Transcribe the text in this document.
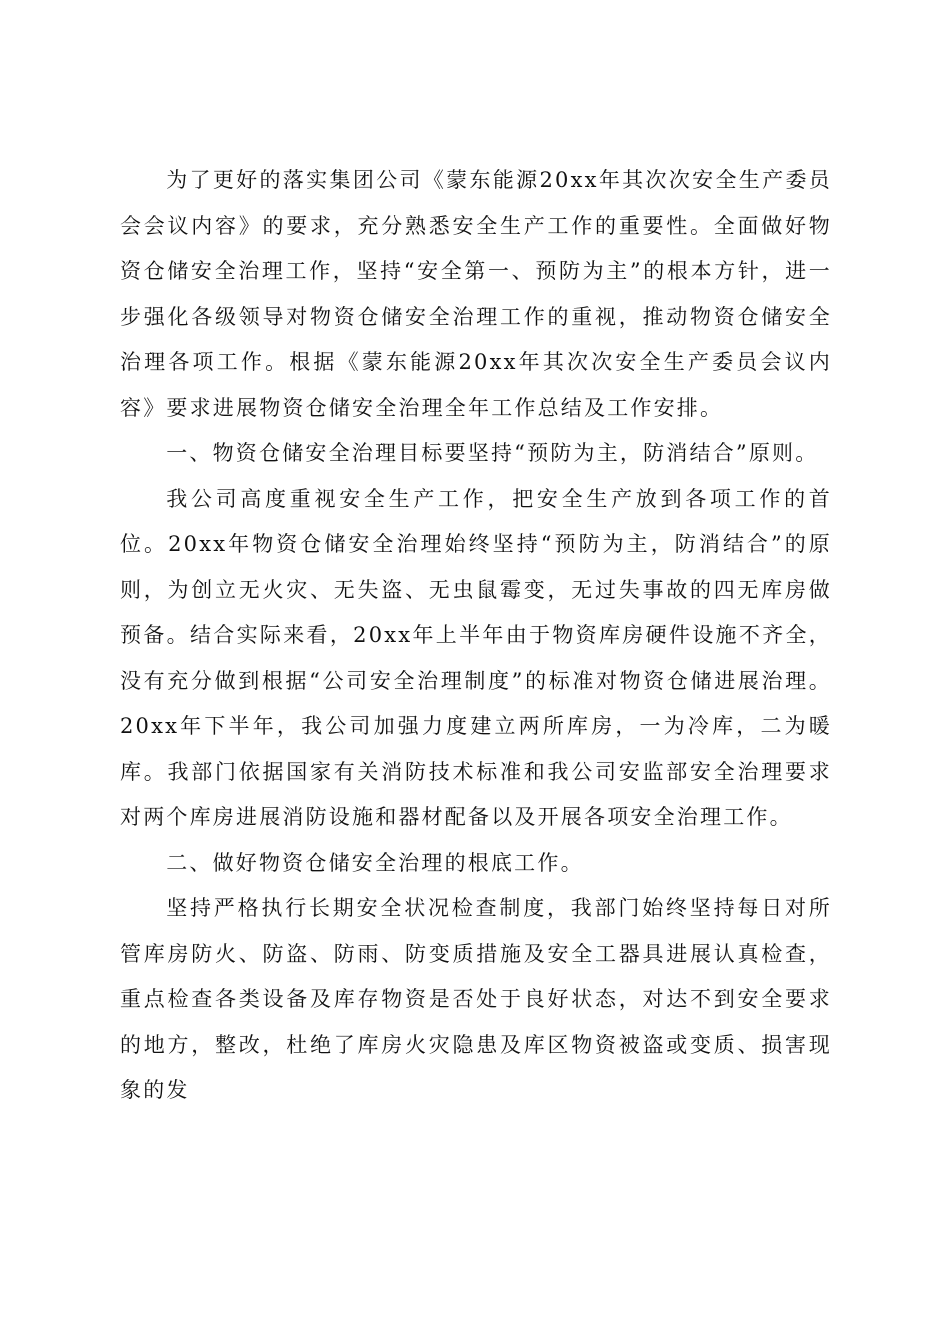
为了更好的落实集团公司《蒙东能源20xx年其次次安全生产委员会会议内容》的要求，充分熟悉安全生产工作的重要性。全面做好物资仓储安全治理工作，坚持“安全第一、预防为主”的根本方针，进一步强化各级领导对物资仓储安全治理工作的重视，推动物资仓储安全治理各项工作。根据《蒙东能源20xx年其次次安全生产委员会议内容》要求进展物资仓储安全治理全年工作总结及工作安排。

一、物资仓储安全治理目标要坚持“预防为主，防消结合”原则。

我公司高度重视安全生产工作，把安全生产放到各项工作的首位。20xx年物资仓储安全治理始终坚持“预防为主，防消结合”的原则，为创立无火灾、无失盗、无虫鼠霉变，无过失事故的四无库房做预备。结合实际来看，20xx年上半年由于物资库房硬件设施不齐全，没有充分做到根据“公司安全治理制度”的标准对物资仓储进展治理。20xx年下半年，我公司加强力度建立两所库房，一为冷库，二为暖库。我部门依据国家有关消防技术标准和我公司安监部安全治理要求对两个库房进展消防设施和器材配备以及开展各项安全治理工作。

二、做好物资仓储安全治理的根底工作。

坚持严格执行长期安全状况检查制度，我部门始终坚持每日对所管库房防火、防盗、防雨、防变质措施及安全工器具进展认真检查，重点检查各类设备及库存物资是否处于良好状态，对达不到安全要求的地方，整改，杜绝了库房火灾隐患及库区物资被盗或变质、损害现象的发
